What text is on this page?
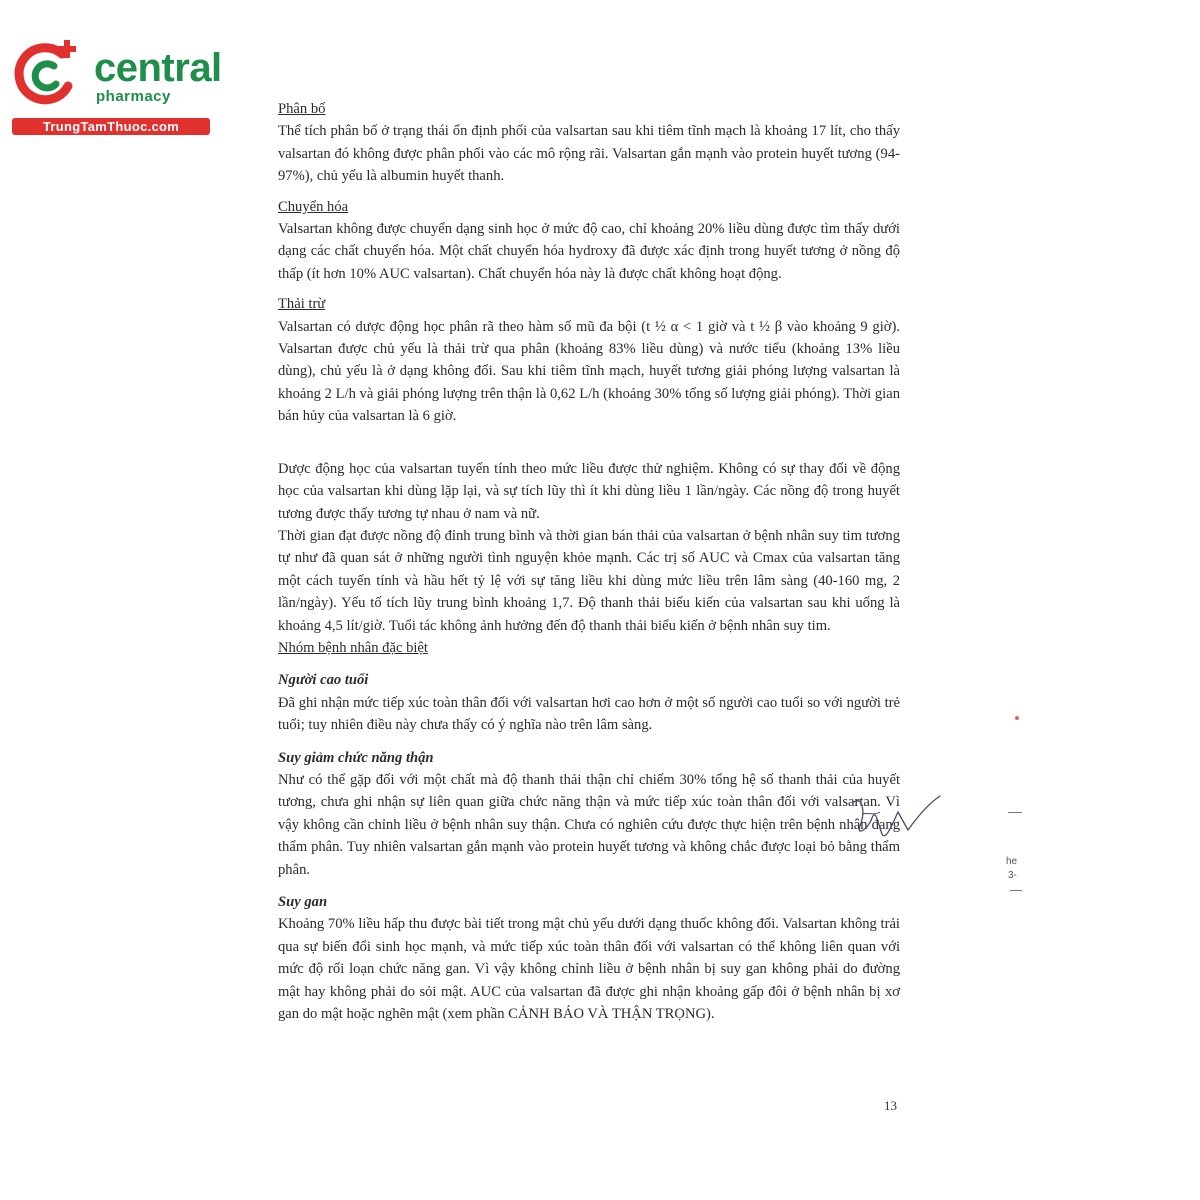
central
pharmacy
TrungTamThuoc.com

Phân bố

Thể tích phân bố ở trạng thái ổn định phối của valsartan sau khi tiêm tĩnh mạch là khoảng 17 lít, cho thấy valsartan đó không được phân phối vào các mô rộng rãi. Valsartan gắn mạnh vào protein huyết tương (94-97%), chủ yếu là albumin huyết thanh.

Chuyển hóa

Valsartan không được chuyển dạng sinh học ở mức độ cao, chỉ khoảng 20% liều dùng được tìm thấy dưới dạng các chất chuyển hóa. Một chất chuyển hóa hydroxy đã được xác định trong huyết tương ở nồng độ thấp (ít hơn 10% AUC valsartan). Chất chuyển hóa này là được chất không hoạt động.

Thải trừ

Valsartan có dược động học phân rã theo hàm số mũ đa bội (t ½ α < 1 giờ và t ½ β vào khoảng 9 giờ). Valsartan được chủ yếu là thải trừ qua phân (khoảng 83% liều dùng) và nước tiểu (khoảng 13% liều dùng), chủ yếu là ở dạng không đổi. Sau khi tiêm tĩnh mạch, huyết tương giải phóng lượng valsartan là khoảng 2 L/h và giải phóng lượng trên thận là 0,62 L/h (khoảng 30% tổng số lượng giải phóng). Thời gian bán hủy của valsartan là 6 giờ.

Dược động học của valsartan tuyến tính theo mức liều được thử nghiệm. Không có sự thay đổi về động học của valsartan khi dùng lặp lại, và sự tích lũy thì ít khi dùng liều 1 lần/ngày. Các nồng độ trong huyết tương được thấy tương tự nhau ở nam và nữ.

Thời gian đạt được nồng độ đỉnh trung bình và thời gian bán thải của valsartan ở bệnh nhân suy tim tương tự như đã quan sát ở những người tình nguyện khỏe mạnh. Các trị số AUC và Cmax của valsartan tăng một cách tuyến tính và hầu hết tỷ lệ với sự tăng liều khi dùng mức liều trên lâm sàng (40-160 mg, 2 lần/ngày). Yếu tố tích lũy trung bình khoảng 1,7. Độ thanh thải biểu kiến của valsartan sau khi uống là khoảng 4,5 lít/giờ. Tuổi tác không ảnh hưởng đến độ thanh thải biểu kiến ở bệnh nhân suy tim.

Nhóm bệnh nhân đặc biệt

Người cao tuổi

Đã ghi nhận mức tiếp xúc toàn thân đối với valsartan hơi cao hơn ở một số người cao tuổi so với người trẻ tuổi; tuy nhiên điều này chưa thấy có ý nghĩa nào trên lâm sàng.

Suy giảm chức năng thận

Như có thể gặp đối với một chất mà độ thanh thải thận chỉ chiếm 30% tổng hệ số thanh thải của huyết tương, chưa ghi nhận sự liên quan giữa chức năng thận và mức tiếp xúc toàn thân đối với valsartan. Vì vậy không cần chỉnh liều ở bệnh nhân suy thận. Chưa có nghiên cứu được thực hiện trên bệnh nhân đang thẩm phân. Tuy nhiên valsartan gắn mạnh vào protein huyết tương và không chắc được loại bỏ bằng thẩm phân.

Suy gan

Khoảng 70% liều hấp thu được bài tiết trong mật chủ yếu dưới dạng thuốc không đổi. Valsartan không trải qua sự biến đổi sinh học mạnh, và mức tiếp xúc toàn thân đối với valsartan có thể không liên quan với mức độ rối loạn chức năng gan. Vì vậy không chỉnh liều ở bệnh nhân bị suy gan không phải do đường mật hay không phải do sỏi mật. AUC của valsartan đã được ghi nhận khoảng gấp đôi ở bệnh nhân bị xơ gan do mật hoặc nghẽn mật (xem phần CẢNH BÁO VÀ THẬN TRỌNG).

13
he
3-
